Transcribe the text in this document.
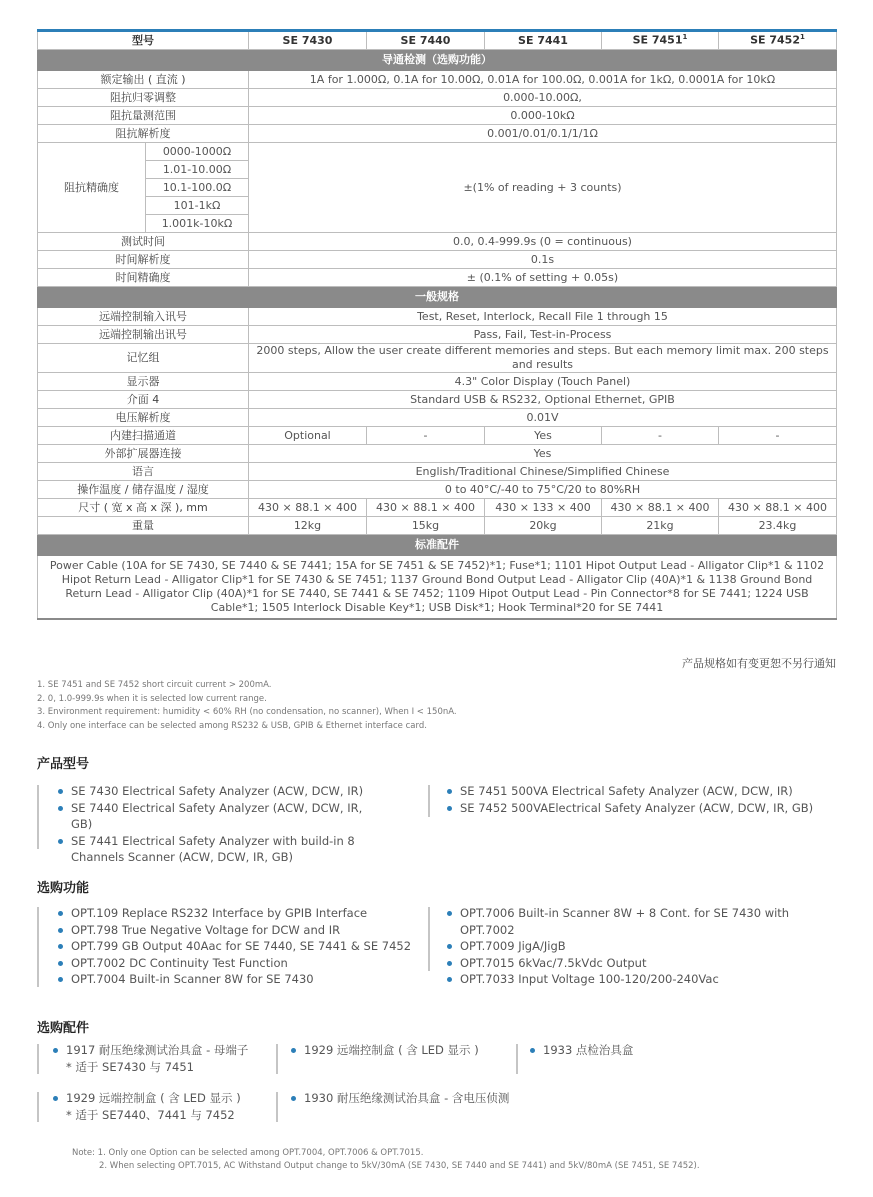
型号		SE 7430	SE 7440	SE 7441	SE 7451$^1$	SE 7452$^1$
导通检测（选购功能）						
额定输出 ( 直流 )		1A for 1.000Ω, 0.1A for 10.00Ω, 0.01A for 100.0Ω, 0.001A for 1kΩ, 0.0001A for 10kΩ				
阻抗归零调整		0.000-10.00Ω,				
阻抗量测范围		0.000-10kΩ				
阻抗解析度		0.001/0.01/0.1/1/1Ω				
阻抗精确度	0000-1000Ω	±(1% of reading + 3 counts)				
	1.01-10.00Ω					
	10.1-100.0Ω					
	101-1kΩ					
	1.001k-10kΩ					
测试时间		0.0, 0.4-999.9s (0 = continuous)				
时间解析度		0.1s				
时间精确度		± (0.1% of setting + 0.05s)				
一般规格						
远端控制输入讯号		Test, Reset, Interlock, Recall File 1 through 15				
远端控制输出讯号		Pass, Fail, Test-in-Process				
记忆组		2000 steps, Allow the user create different memories and steps. But each memory limit max. 200 steps and results				
显示器		4.3" Color Display (Touch Panel)				
介面 4		Standard USB & RS232, Optional Ethernet, GPIB				
电压解析度		0.01V				
内建扫描通道		Optional	-	Yes	-	-
外部扩展器连接		Yes				
语言		English/Traditional Chinese/Simplified Chinese				
操作温度 / 储存温度 / 湿度		0 to 40°C/-40 to 75°C/20 to 80%RH				
尺寸 ( 宽 x 高 x 深 ), mm		430 × 88.1 × 400	430 × 88.1 × 400	430 × 133 × 400	430 × 88.1 × 400	430 × 88.1 × 400
重量		12kg	15kg	20kg	21kg	23.4kg
标准配件						
Power Cable (10A for SE 7430, SE 7440 & SE 7441; 15A for SE 7451 & SE 7452)*1; Fuse*1; 1101 Hipot Output Lead - Alligator Clip*1 & 1102 Hipot Return Lead - Alligator Clip*1 for SE 7430 & SE 7451; 1137 Ground Bond Output Lead - Alligator Clip (40A)*1 & 1138 Ground Bond Return Lead - Alligator Clip (40A)*1 for SE 7440, SE 7441 & SE 7452; 1109 Hipot Output Lead - Pin Connector*8 for SE 7441; 1224 USB Cable*1; 1505 Interlock Disable Key*1; USB Disk*1; Hook Terminal*20 for SE 7441						
产品规格如有变更恕不另行通知
1. SE 7451 and SE 7452 short circuit current > 200mA.
2. 0, 1.0-999.9s when it is selected low current range.
3. Environment requirement: humidity < 60% RH (no condensation, no scanner), When I < 150nA.
4. Only one interface can be selected among RS232 & USB, GPIB & Ethernet interface card.
产品型号
SE 7430 Electrical Safety Analyzer (ACW, DCW, IR)
SE 7440 Electrical Safety Analyzer (ACW, DCW, IR, GB)
SE 7441 Electrical Safety Analyzer with build-in 8 Channels Scanner (ACW, DCW, IR, GB)
SE 7451 500VA Electrical Safety Analyzer (ACW, DCW, IR)
SE 7452 500VAElectrical Safety Analyzer (ACW, DCW, IR, GB)
选购功能
OPT.109 Replace RS232 Interface by GPIB Interface
OPT.798 True Negative Voltage for DCW and IR
OPT.799 GB Output 40Aac for SE 7440, SE 7441 & SE 7452
OPT.7002 DC Continuity Test Function
OPT.7004 Built-in Scanner 8W for SE 7430
OPT.7006 Built-in Scanner 8W + 8 Cont. for SE 7430 with OPT.7002
OPT.7009 JigA/JigB
OPT.7015 6kVac/7.5kVdc Output
OPT.7033 Input Voltage 100-120/200-240Vac
选购配件
1917 耐压绝缘测试治具盒 - 母端子
* 适于 SE7430 与 7451
1929 远端控制盒 ( 含 LED 显示 )	1933 点检治具盒
1929 远端控制盒 ( 含 LED 显示 )
* 适于 SE7440、7441 与 7452
1930 耐压绝缘测试治具盒 - 含电压侦测
Note: 1. Only one Option can be selected among OPT.7004, OPT.7006 & OPT.7015.
2. When selecting OPT.7015, AC Withstand Output change to 5kV/30mA (SE 7430, SE 7440 and SE 7441) and 5kV/80mA (SE 7451, SE 7452).
